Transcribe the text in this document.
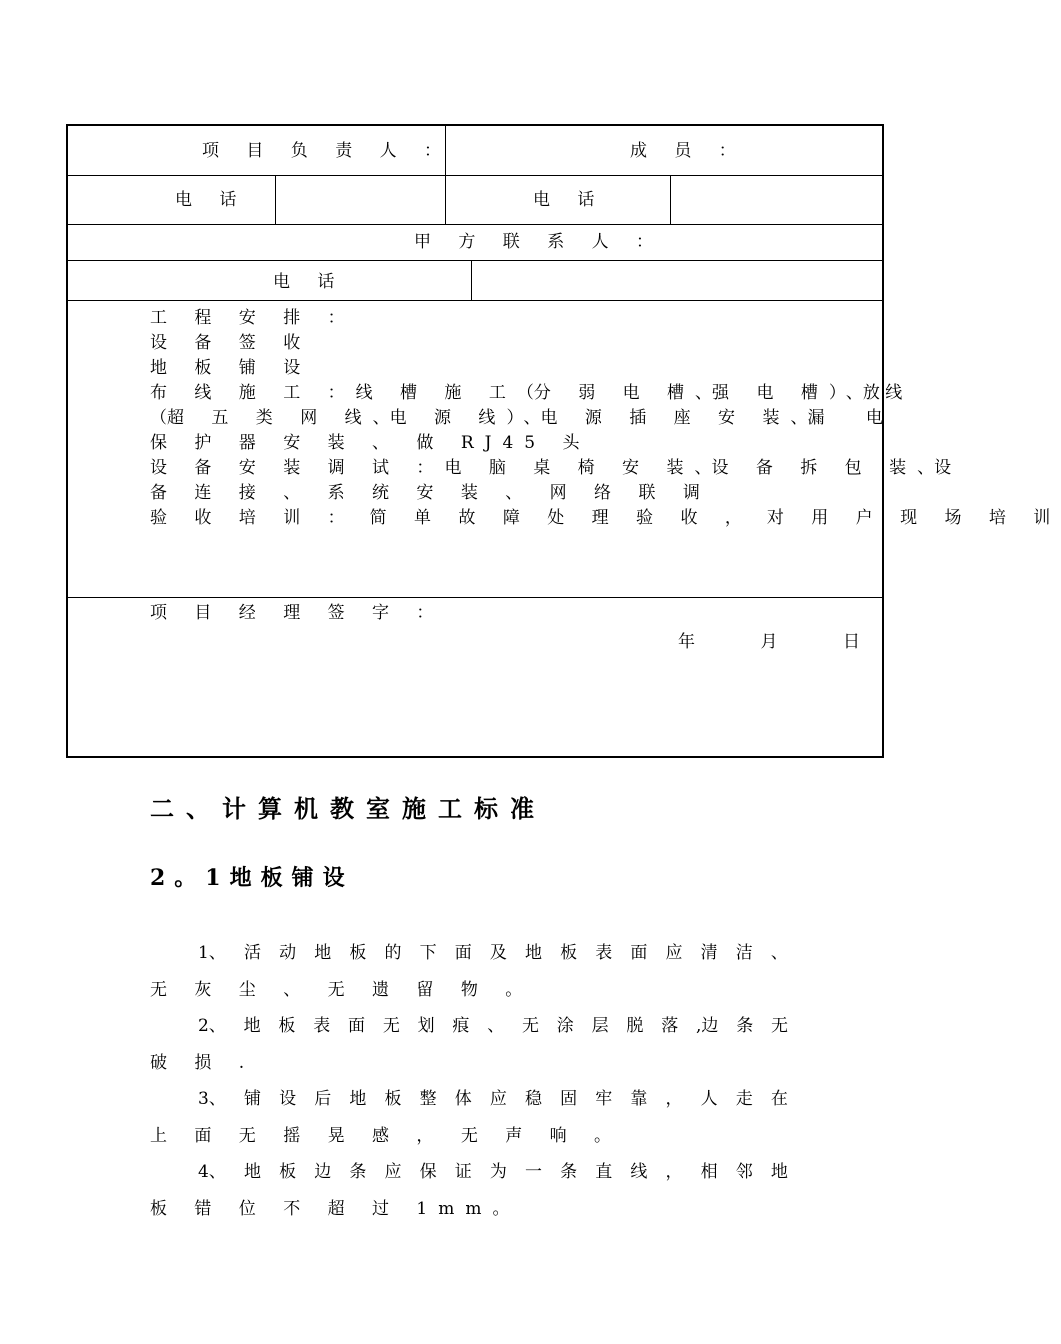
项 目 负 责 人 ：	成 员 ：
电 话	电 话
甲 方 联 系 人 ：
电 话
工 程 安 排 ：
设 备 签 收
地 板 铺 设
布 线 施 工 ：线 槽 施 工 （ 分 弱 电 槽 、 强 电 槽 ） 、 放 线
（ 超 五 类 网 线 、 电 源 线 ） 、 电 源 插 座 安 装 、 漏 电
保 护 器 安 装 、 做 RJ45 头
设 备 安 装 调 试 ： 电 脑 桌 椅 安 装 、 设 备 拆 包 装 、 设
备 连 接 、 系 统 安 装 、 网 络 联 调
验 收 培 训 ： 简 单 故 障 处 理 验 收 ， 对 用 户 现 场 培 训
项 目 经 理 签 字 ：
年	月	日
二、计算机教室施工标准
2。1地板铺设
1、 活 动 地 板 的 下 面 及 地 板 表 面 应 清 洁 、
无 灰 尘 、 无 遗 留 物 。
2、 地 板 表 面 无 划 痕 、 无 涂 层 脱 落 ,边 条 无
破 损 .
3、 铺 设 后 地 板 整 体 应 稳 固 牢 靠 ， 人 走 在
上 面 无 摇 晃 感 ， 无 声 响 。
4、 地 板 边 条 应 保 证 为 一 条 直 线 ， 相 邻 地
板 错 位 不 超 过 1mm。
